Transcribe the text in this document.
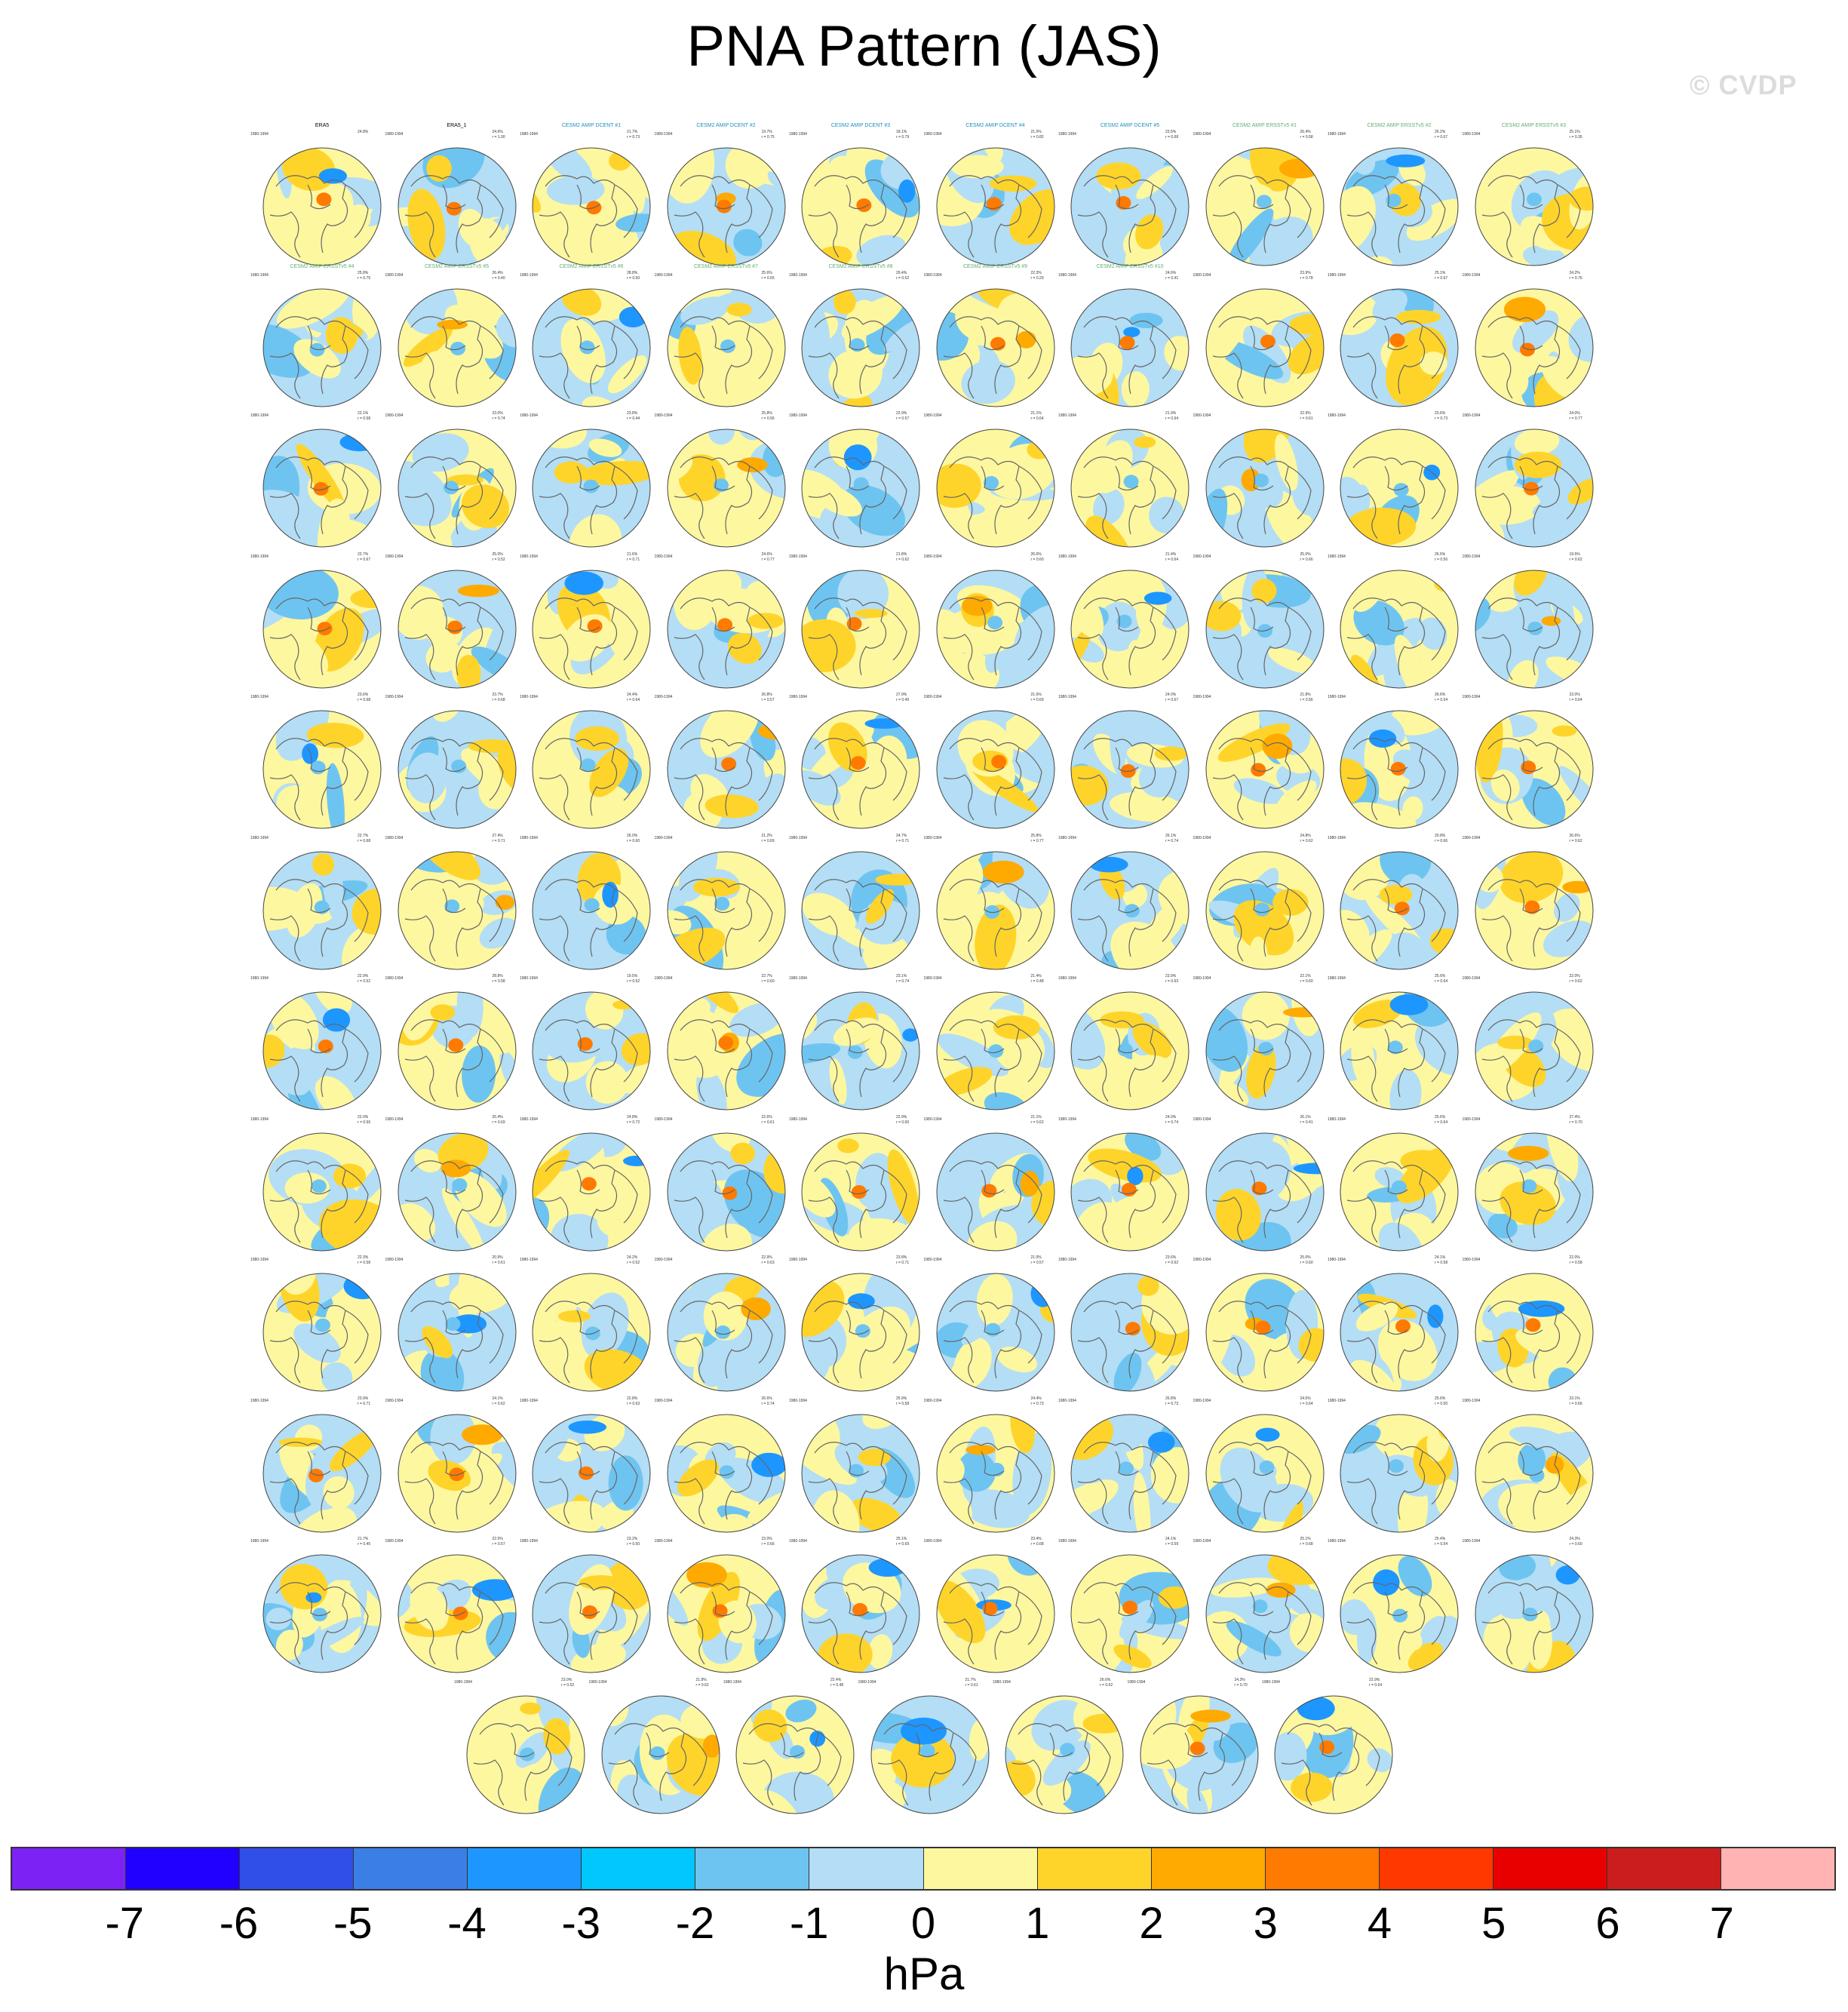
PNA Pattern (JAS)
© CVDP
ERA5
1980-1994	24.8%
ERA5_1
1980-1994	24.6%
r = 1.00
CESM2 AMIP DCENT #1
1980-1994	21.7%
r = 0.73
CESM2 AMIP DCENT #2
1980-1994	19.7%
r = 0.75
CESM2 AMIP DCENT #3
1980-1994	18.1%
r = 0.79
CESM2 AMIP DCENT #4
1980-1994	21.0%
r = 0.82
CESM2 AMIP DCENT #5
1980-1994	23.5%
r = 0.68
CESM2 AMIP ERSSTv5 #1
1980-1994	26.4%
r = 0.58
CESM2 AMIP ERSSTv5 #2
1980-1994	26.2%
r = 0.67
CESM2 AMIP ERSSTv5 #3
1980-1994	25.1%
r = 0.35
CESM2 AMIP ERSSTv5 #4
1980-1994	25.8%
r = 0.75
CESM2 AMIP ERSSTv5 #5
1980-1994	26.4%
r = 0.40
CESM2 AMIP ERSSTv5 #6
1980-1994	28.8%
r = 0.50
CESM2 AMIP ERSSTv5 #7
1980-1994	25.6%
r = 0.55
CESM2 AMIP ERSSTv5 #8
1980-1994	29.4%
r = 0.52
CESM2 AMIP ERSSTv5 #9
1980-1994	22.3%
r = 0.29
CESM2 AMIP ERSSTv5 #10
1980-1994	24.6%
r = 0.41
1980-1994	23.9%
r = 0.78
1980-1994	25.1%
r = 0.67
1980-1994	24.2%
r = 0.76
1980-1994	22.1%
r = 0.58
1980-1994	23.0%
r = 0.74
1980-1994	23.8%
r = 0.44
1980-1994	25.8%
r = 0.56
1980-1994	22.9%
r = 0.57
1980-1994	21.1%
r = 0.64
1980-1994	21.9%
r = 0.64
1980-1994	22.9%
r = 0.61
1980-1994	23.6%
r = 0.73
1980-1994	24.0%
r = 0.77
1980-1994	22.7%
r = 0.67
1980-1994	25.0%
r = 0.52
1980-1994	21.6%
r = 0.71
1980-1994	24.6%
r = 0.77
1980-1994	21.8%
r = 0.62
1980-1994	26.6%
r = 0.60
1980-1994	21.4%
r = 0.64
1980-1994	25.0%
r = 0.66
1980-1994	26.6%
r = 0.56
1980-1994	19.5%
r = 0.62
1980-1994	23.6%
r = 0.68
1980-1994	23.7%
r = 0.68
1980-1994	24.4%
r = 0.64
1980-1994	26.8%
r = 0.57
1980-1994	27.9%
r = 0.49
1980-1994	21.6%
r = 0.69
1980-1994	24.0%
r = 0.67
1980-1994	21.8%
r = 0.56
1980-1994	26.6%
r = 0.54
1980-1994	23.0%
r = 0.64
1980-1994	22.7%
r = 0.68
1980-1994	27.4%
r = 0.71
1980-1994	26.0%
r = 0.60
1980-1994	21.2%
r = 0.69
1980-1994	24.7%
r = 0.71
1980-1994	25.8%
r = 0.77
1980-1994	26.1%
r = 0.74
1980-1994	24.8%
r = 0.62
1980-1994	20.8%
r = 0.66
1980-1994	26.6%
r = 0.62
1980-1994	22.9%
r = 0.52
1980-1994	28.8%
r = 0.58
1980-1994	19.5%
r = 0.52
1980-1994	22.7%
r = 0.60
1980-1994	23.1%
r = 0.74
1980-1994	21.4%
r = 0.48
1980-1994	23.9%
r = 0.63
1980-1994	22.1%
r = 0.60
1980-1994	25.6%
r = 0.64
1980-1994	22.0%
r = 0.62
1980-1994	22.0%
r = 0.56
1980-1994	25.4%
r = 0.69
1980-1994	24.8%
r = 0.72
1980-1994	22.6%
r = 0.61
1980-1994	22.9%
r = 0.60
1980-1994	21.1%
r = 0.62
1980-1994	24.0%
r = 0.74
1980-1994	26.1%
r = 0.41
1980-1994	25.6%
r = 0.64
1980-1994	27.4%
r = 0.70
1980-1994	22.3%
r = 0.58
1980-1994	20.9%
r = 0.61
1980-1994	24.2%
r = 0.52
1980-1994	22.9%
r = 0.63
1980-1994	23.8%
r = 0.71
1980-1994	21.0%
r = 0.57
1980-1994	23.6%
r = 0.62
1980-1994	25.0%
r = 0.60
1980-1994	24.1%
r = 0.58
1980-1994	22.0%
r = 0.58
1980-1994	23.9%
r = 0.71
1980-1994	24.1%
r = 0.62
1980-1994	22.8%
r = 0.63
1980-1994	26.6%
r = 0.74
1980-1994	25.9%
r = 0.58
1980-1994	24.4%
r = 0.73
1980-1994	26.8%
r = 0.73
1980-1994	24.5%
r = 0.64
1980-1994	25.6%
r = 0.50
1980-1994	23.1%
r = 0.66
1980-1994	21.7%
r = 0.45
1980-1994	22.5%
r = 0.57
1980-1994	23.2%
r = 0.50
1980-1994	23.0%
r = 0.66
1980-1994	25.1%
r = 0.69
1980-1994	23.4%
r = 0.68
1980-1994	24.1%
r = 0.59
1980-1994	25.1%
r = 0.68
1980-1994	25.4%
r = 0.54
1980-1994	24.3%
r = 0.60
1980-1994	23.0%
r = 0.52
1980-1994	21.8%
r = 0.62
1980-1994	22.4%
r = 0.48
1980-1994	21.7%
r = 0.61
1980-1994	26.6%
r = 0.62
1980-1994	24.3%
r = 0.70
1980-1994	22.9%
r = 0.64
-7 -6 -5 -4 -3 -2 -1 0 1 2 3 4 5 6 7
hPa
